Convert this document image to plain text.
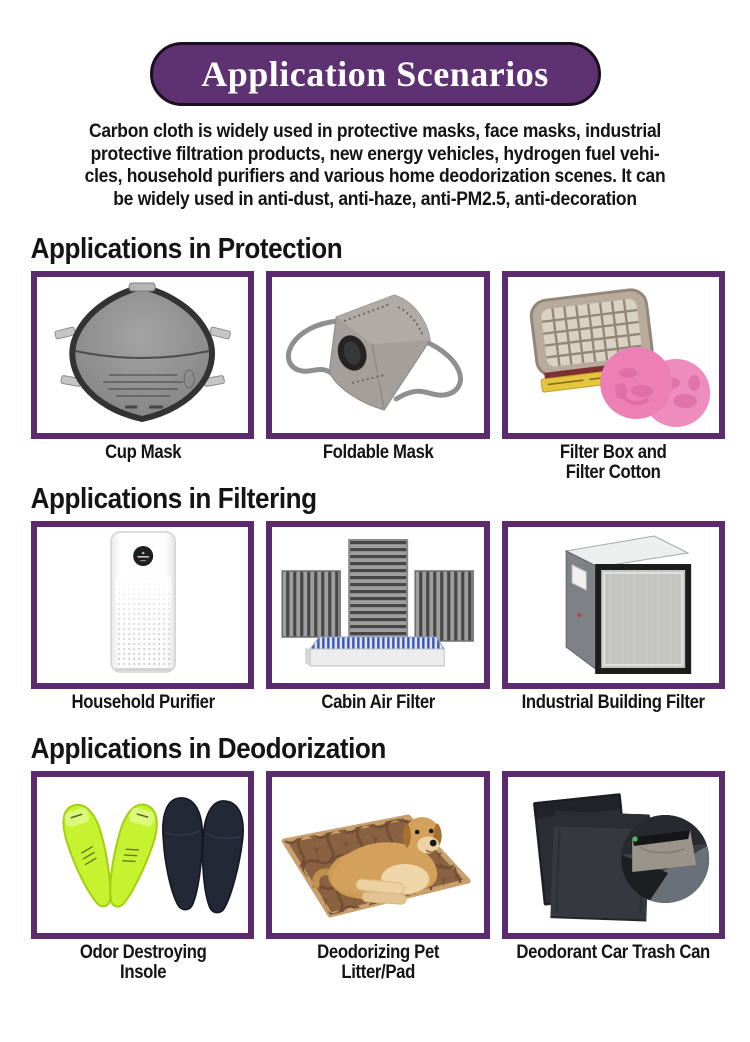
Application Scenarios
Carbon cloth is widely used in protective masks, face masks, industrial
protective filtration products, new energy vehicles, hydrogen fuel vehi-
cles, household purifiers and various home deodorization scenes. It can
be widely used in anti-dust, anti-haze, anti-PM2.5, anti-decoration
Applications in Protection
Cup Mask	Foldable Mask	Filter Box and
Filter Cotton
Applications in Filtering
Household Purifier	Cabin Air Filter	Industrial Building Filter
Applications in Deodorization
Odor Destroying
Insole
Deodorizing Pet
Litter/Pad
Deodorant Car Trash Can
